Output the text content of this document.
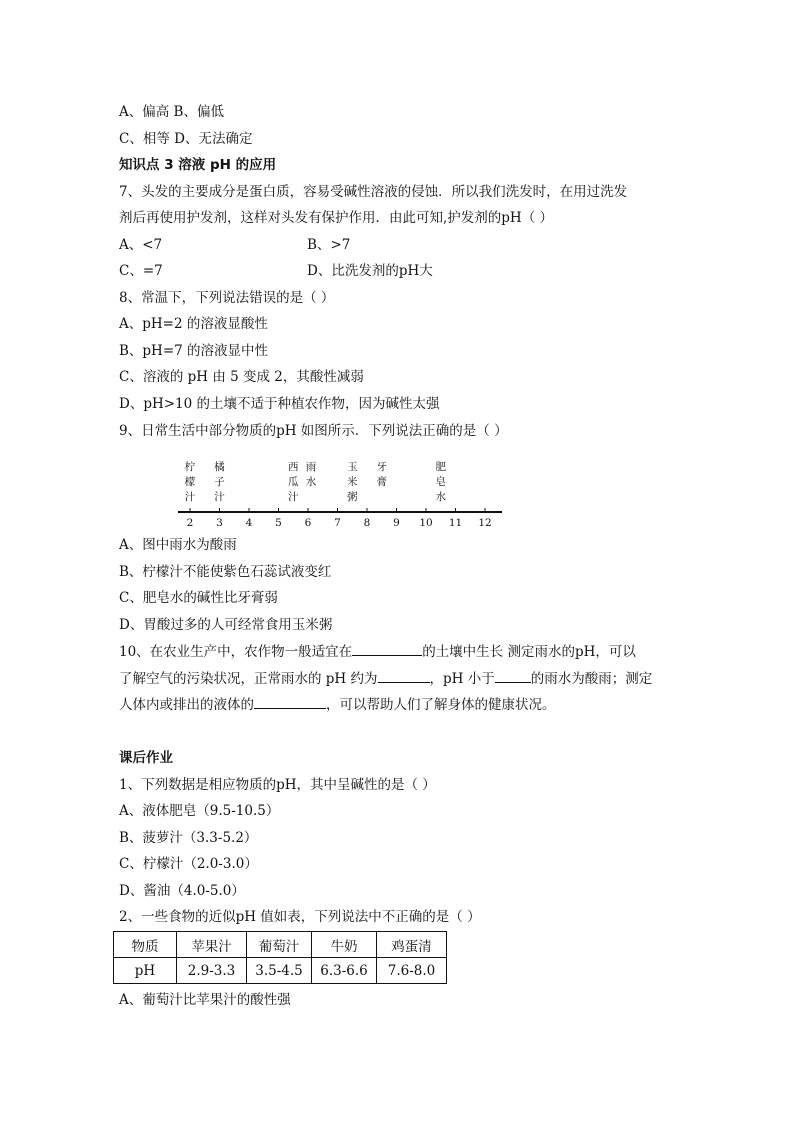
A、偏高 B、偏低
C、相等 D、无法确定
知识点 3 溶液 pH 的应用
7、头发的主要成分是蛋白质，容易受碱性溶液的侵蚀．所以我们洗发时，在用过洗发
剂后再使用护发剂，这样对头发有保护作用．由此可知,护发剂的pH（ ）
A、<7	B、>7
C、=7	D、比洗发剂的pH大
8、常温下，下列说法错误的是（ ）
A、pH=2 的溶液显酸性
B、pH=7 的溶液显中性
C、溶液的 pH 由 5 变成 2，其酸性减弱
D、pH>10 的土壤不适于种植农作物，因为碱性太强
9、日常生活中部分物质的pH 如图所示．下列说法正确的是（ ）
2 3 4 5 6 7 8 9 10 11 12
柠
檬
汁
橘
子
汁
西
瓜
汁
雨
水
玉
米
粥
牙
膏
肥
皂
水
A、图中雨水为酸雨
B、柠檬汁不能使紫色石蕊试液变红
C、肥皂水的碱性比牙膏弱
D、胃酸过多的人可经常食用玉米粥
10、在农业生产中，农作物一般适宜在	的土壤中生长 测定雨水的pH，可以
了解空气的污染状况，正常雨水的 pH 约为	，pH 小于	的雨水为酸雨；测定
人体内或排出的液体的	，可以帮助人们了解身体的健康状况。
课后作业
1、下列数据是相应物质的pH，其中呈碱性的是（ ）
A、液体肥皂（9.5-10.5）
B、菠萝汁（3.3-5.2）
C、柠檬汁（2.0-3.0）
D、酱油（4.0-5.0）
2、一些食物的近似pH 值如表，下列说法中不正确的是（ ）
物质	苹果汁	葡萄汁	牛奶	鸡蛋清
pH	2.9-3.3	3.5-4.5	6.3-6.6	7.6-8.0
A、葡萄汁比苹果汁的酸性强
